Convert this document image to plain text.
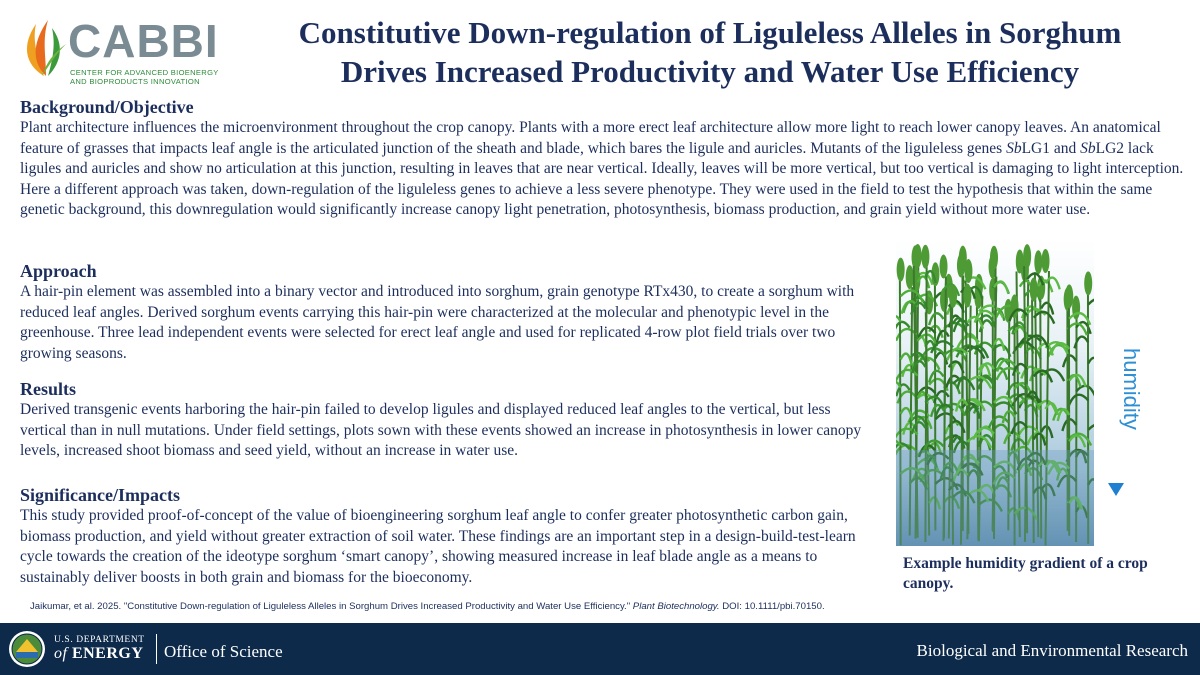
CABBI
CENTER FOR ADVANCED BIOENERGY
AND BIOPRODUCTS INNOVATION
Constitutive Down-regulation of Liguleless Alleles in Sorghum
Drives Increased Productivity and Water Use Efficiency
Background/Objective
Plant architecture influences the microenvironment throughout the crop canopy. Plants with a more erect leaf architecture allow more light to reach lower canopy leaves. An anatomical feature of grasses that impacts leaf angle is the articulated junction of the sheath and blade, which bares the ligule and auricles. Mutants of the liguleless genes SbLG1 and SbLG2 lack ligules and auricles and show no articulation at this junction, resulting in leaves that are near vertical. Ideally, leaves will be more vertical, but too vertical is damaging to light interception. Here a different approach was taken, down-regulation of the liguleless genes to achieve a less severe phenotype. They were used in the field to test the hypothesis that within the same genetic background, this downregulation would significantly increase canopy light penetration, photosynthesis, biomass production, and grain yield without more water use.
Approach
A hair-pin element was assembled into a binary vector and introduced into sorghum, grain genotype RTx430, to create a sorghum with reduced leaf angles. Derived sorghum events carrying this hair-pin were characterized at the molecular and phenotypic level in the greenhouse. Three lead independent events were selected for erect leaf angle and used for replicated 4-row plot field trials over two growing seasons.
Results
Derived transgenic events harboring the hair-pin failed to develop ligules and displayed reduced leaf angles to the vertical, but less vertical than in null mutations. Under field settings, plots sown with these events showed an increase in photosynthesis in lower canopy levels, increased shoot biomass and seed yield, without an increase in water use.
Significance/Impacts
This study provided proof-of-concept of the value of bioengineering sorghum leaf angle to confer greater photosynthetic carbon gain, biomass production, and yield without greater extraction of soil water. These findings are an important step in a design-build-test-learn cycle towards the creation of the ideotype sorghum ‘smart canopy’, showing measured increase in leaf blade angle as a means to sustainably deliver boosts in both grain and biomass for the bioeconomy.
humidity
Example humidity gradient of a crop canopy.
Jaikumar, et al. 2025. "Constitutive Down-regulation of Liguleless Alleles in Sorghum Drives Increased Productivity and Water Use Efficiency." Plant Biotechnology. DOI: 10.1111/pbi.70150.
U.S. DEPARTMENT
of ENERGY Office of Science	Biological and Environmental Research
